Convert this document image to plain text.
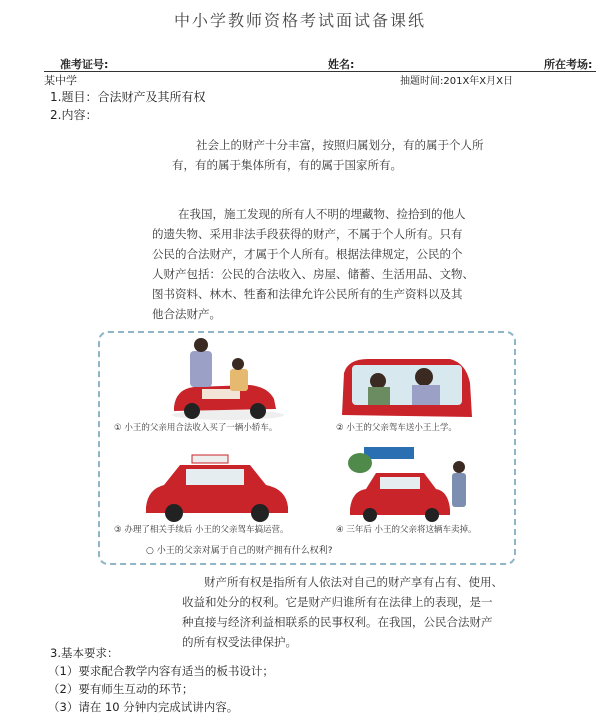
中小学教师资格考试面试备课纸
准考证号:	姓名:	所在考场:
某中学	抽题时间:201X年X月X日
1.题目：合法财产及其所有权
2.内容：
社会上的财产十分丰富，按照归属划分，有的属于个人所
有，有的属于集体所有，有的属于国家所有。
在我国，施工发现的所有人不明的埋藏物、捡拾到的他人
的遗失物、采用非法手段获得的财产，不属于个人所有。只有
公民的合法财产，才属于个人所有。根据法律规定，公民的个
人财产包括：公民的合法收入、房屋、储蓄、生活用品、文物、
图书资料、林木、牲畜和法律允许公民所有的生产资料以及其
他合法财产。
① 小王的父亲用合法收入买了一辆小轿车。	② 小王的父亲驾车送小王上学。
③ 办理了相关手续后 小王的父亲驾车搞运营。	④ 三年后 小王的父亲将这辆车卖掉。
○ 小王的父亲对属于自己的财产拥有什么权利?
财产所有权是指所有人依法对自己的财产享有占有、使用、
收益和处分的权利。它是财产归谁所有在法律上的表现，是一
种直接与经济利益相联系的民事权利。在我国，公民合法财产
的所有权受法律保护。
3.基本要求：
（1）要求配合教学内容有适当的板书设计；
（2）要有师生互动的环节；
（3）请在 10 分钟内完成试讲内容。
